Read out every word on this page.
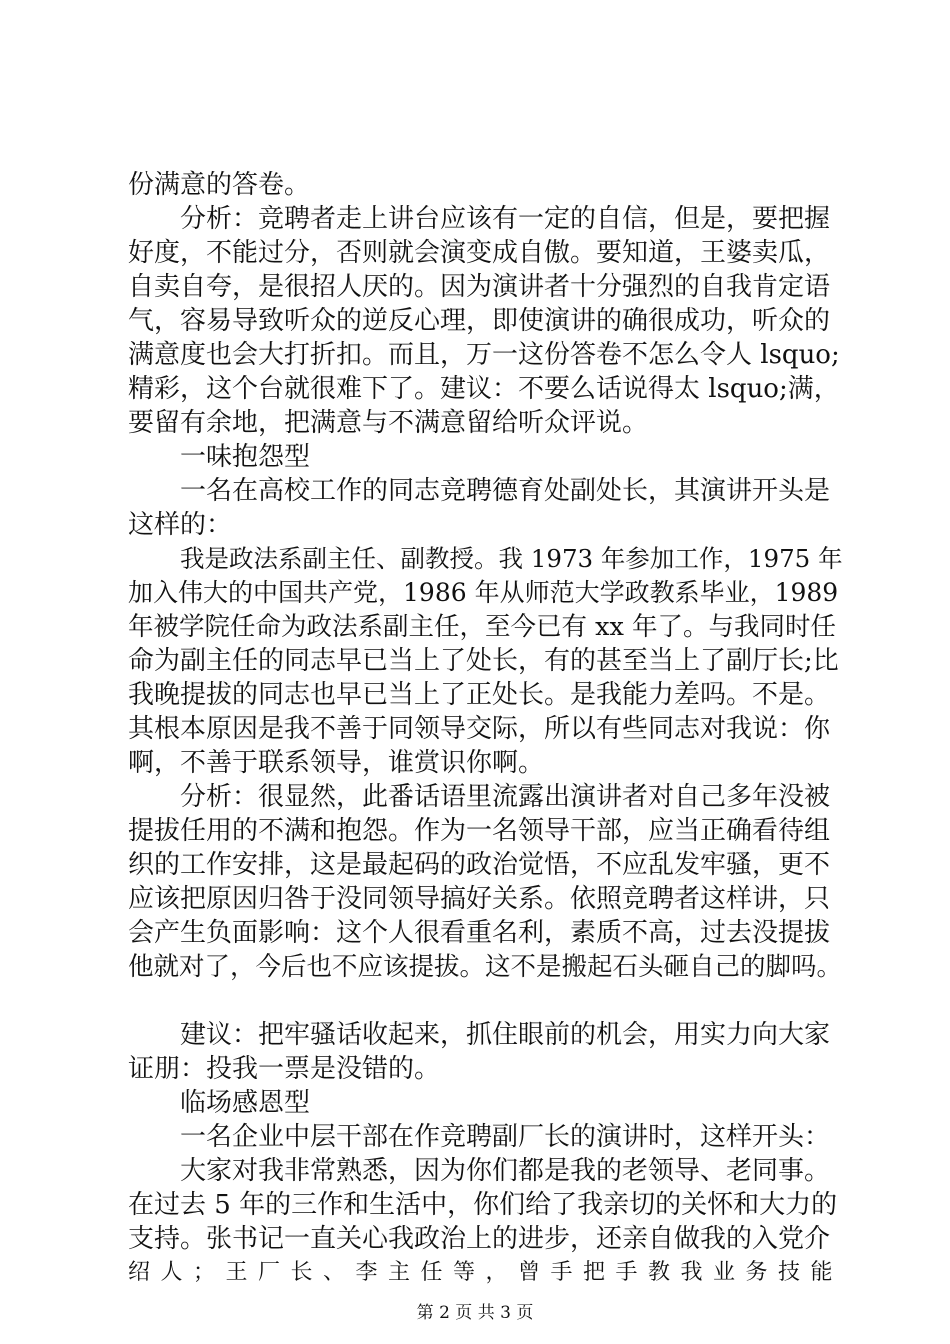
份满意的答卷。
分析：竞聘者走上讲台应该有一定的自信，但是，要把握
好度，不能过分，否则就会演变成自傲。要知道，王婆卖瓜，
自卖自夸，是很招人厌的。因为演讲者十分强烈的自我肯定语
气，容易导致听众的逆反心理，即使演讲的确很成功，听众的
满意度也会大打折扣。而且，万一这份答卷不怎么令人 lsquo;
精彩，这个台就很难下了。建议：不要么话说得太 lsquo;满，
要留有余地，把满意与不满意留给听众评说。
一味抱怨型
一名在高校工作的同志竞聘德育处副处长，其演讲开头是
这样的：
我是政法系副主任、副教授。我 1973 年参加工作，1975 年
加入伟大的中国共产党，1986 年从师范大学政教系毕业，1989
年被学院任命为政法系副主任，至今已有 xx 年了。与我同时任
命为副主任的同志早已当上了处长，有的甚至当上了副厅长;比
我晚提拔的同志也早已当上了正处长。是我能力差吗。不是。
其根本原因是我不善于同领导交际，所以有些同志对我说：你
啊，不善于联系领导，谁赏识你啊。
分析：很显然，此番话语里流露出演讲者对自己多年没被
提拔任用的不满和抱怨。作为一名领导干部，应当正确看待组
织的工作安排，这是最起码的政治觉悟，不应乱发牢骚，更不
应该把原因归咎于没同领导搞好关系。依照竞聘者这样讲，只
会产生负面影响：这个人很看重名利，素质不高，过去没提拔
他就对了，今后也不应该提拔。这不是搬起石头砸自己的脚吗。
建议：把牢骚话收起来，抓住眼前的机会，用实力向大家
证朋：投我一票是没错的。
临场感恩型
一名企业中层干部在作竞聘副厂长的演讲时，这样开头：
大家对我非常熟悉，因为你们都是我的老领导、老同事。
在过去 5 年的三作和生活中，你们给了我亲切的关怀和大力的
支持。张书记一直关心我政治上的进步，还亲自做我的入党介
绍人；王厂长、李主任等，曾手把手教我业务技能
第 2 页 共 3 页
